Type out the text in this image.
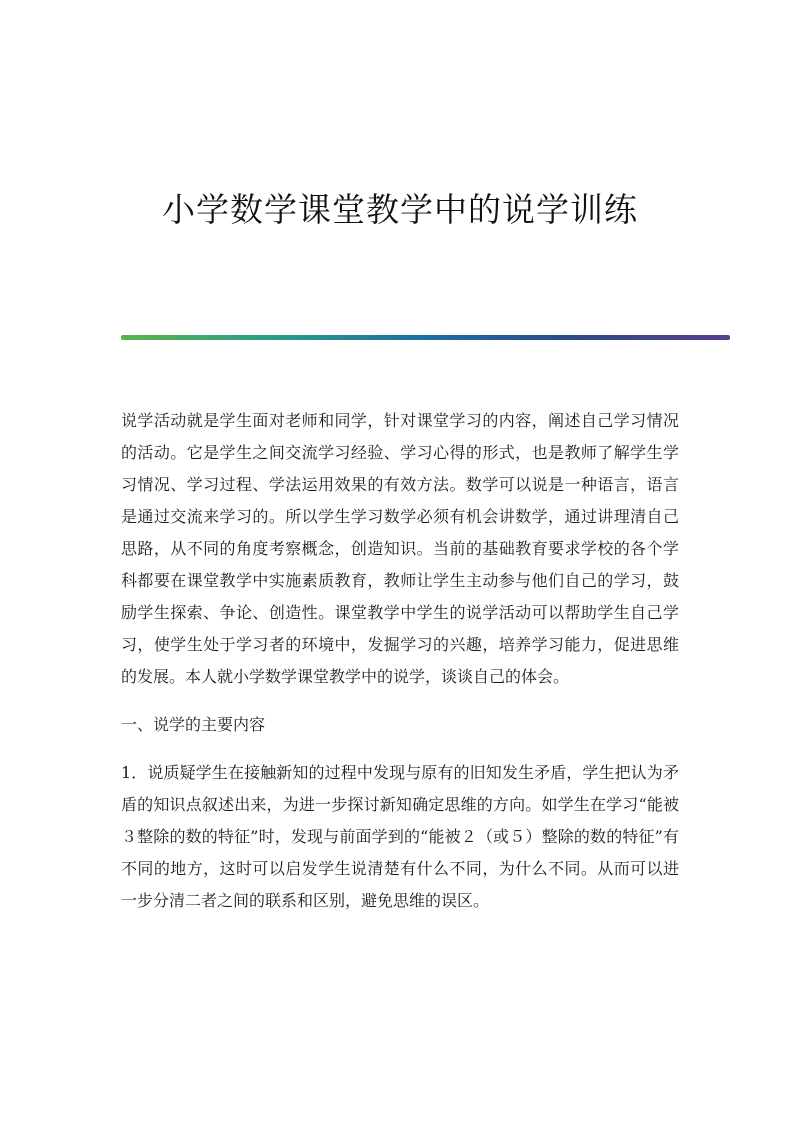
小学数学课堂教学中的说学训练

说学活动就是学生面对老师和同学，针对课堂学习的内容，阐述自己学习情况的活动。它是学生之间交流学习经验、学习心得的形式，也是教师了解学生学习情况、学习过程、学法运用效果的有效方法。数学可以说是一种语言，语言是通过交流来学习的。所以学生学习数学必须有机会讲数学，通过讲理清自己思路，从不同的角度考察概念，创造知识。当前的基础教育要求学校的各个学科都要在课堂教学中实施素质教育，教师让学生主动参与他们自己的学习，鼓励学生探索、争论、创造性。课堂教学中学生的说学活动可以帮助学生自己学习，使学生处于学习者的环境中，发掘学习的兴趣，培养学习能力，促进思维的发展。本人就小学数学课堂教学中的说学，谈谈自己的体会。

一、说学的主要内容

1．说质疑学生在接触新知的过程中发现与原有的旧知发生矛盾，学生把认为矛盾的知识点叙述出来，为进一步探讨新知确定思维的方向。如学生在学习“能被３整除的数的特征”时，发现与前面学到的“能被２（或５）整除的数的特征”有不同的地方，这时可以启发学生说清楚有什么不同，为什么不同。从而可以进一步分清二者之间的联系和区别，避免思维的误区。
